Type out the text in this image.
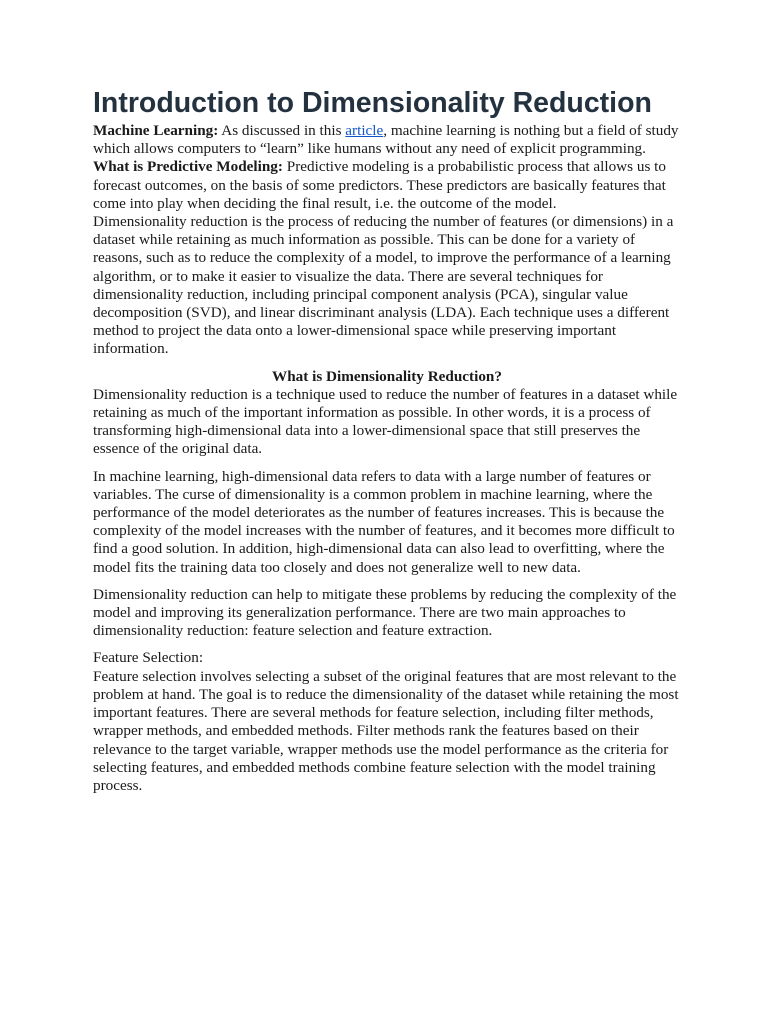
Introduction to Dimensionality Reduction

Machine Learning: As discussed in this article, machine learning is nothing but a field of study which allows computers to “learn” like humans without any need of explicit programming.

What is Predictive Modeling: Predictive modeling is a probabilistic process that allows us to forecast outcomes, on the basis of some predictors. These predictors are basically features that come into play when deciding the final result, i.e. the outcome of the model.

Dimensionality reduction is the process of reducing the number of features (or dimensions) in a dataset while retaining as much information as possible. This can be done for a variety of reasons, such as to reduce the complexity of a model, to improve the performance of a learning algorithm, or to make it easier to visualize the data. There are several techniques for dimensionality reduction, including principal component analysis (PCA), singular value decomposition (SVD), and linear discriminant analysis (LDA). Each technique uses a different method to project the data onto a lower-dimensional space while preserving important information.

What is Dimensionality Reduction?

Dimensionality reduction is a technique used to reduce the number of features in a dataset while retaining as much of the important information as possible. In other words, it is a process of transforming high-dimensional data into a lower-dimensional space that still preserves the essence of the original data.

In machine learning, high-dimensional data refers to data with a large number of features or variables. The curse of dimensionality is a common problem in machine learning, where the performance of the model deteriorates as the number of features increases. This is because the complexity of the model increases with the number of features, and it becomes more difficult to find a good solution. In addition, high-dimensional data can also lead to overfitting, where the model fits the training data too closely and does not generalize well to new data.

Dimensionality reduction can help to mitigate these problems by reducing the complexity of the model and improving its generalization performance. There are two main approaches to dimensionality reduction: feature selection and feature extraction.

Feature Selection:

Feature selection involves selecting a subset of the original features that are most relevant to the problem at hand. The goal is to reduce the dimensionality of the dataset while retaining the most important features. There are several methods for feature selection, including filter methods, wrapper methods, and embedded methods. Filter methods rank the features based on their relevance to the target variable, wrapper methods use the model performance as the criteria for selecting features, and embedded methods combine feature selection with the model training process.
